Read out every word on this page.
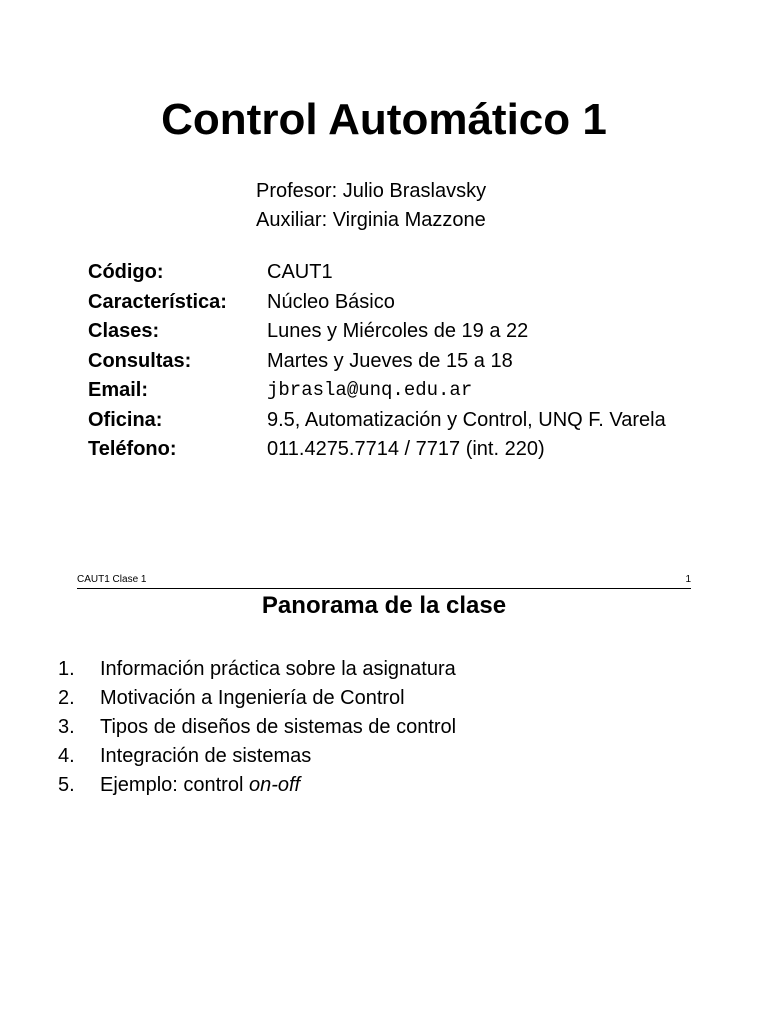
Control Automático 1
Profesor: Julio Braslavsky
Auxiliar: Virginia Mazzone
Código:	CAUT1
Característica: Núcleo Básico
Clases:	Lunes y Miércoles de 19 a 22
Consultas:	Martes y Jueves de 15 a 18
Email:	jbrasla@unq.edu.ar
Oficina:	9.5, Automatización y Control, UNQ F. Varela
Teléfono:	011.4275.7714 / 7717 (int. 220)
CAUT1 Clase 1	1
Panorama de la clase
1. Información práctica sobre la asignatura
2. Motivación a Ingeniería de Control
3. Tipos de diseños de sistemas de control
4. Integración de sistemas
5. Ejemplo: control on-off
